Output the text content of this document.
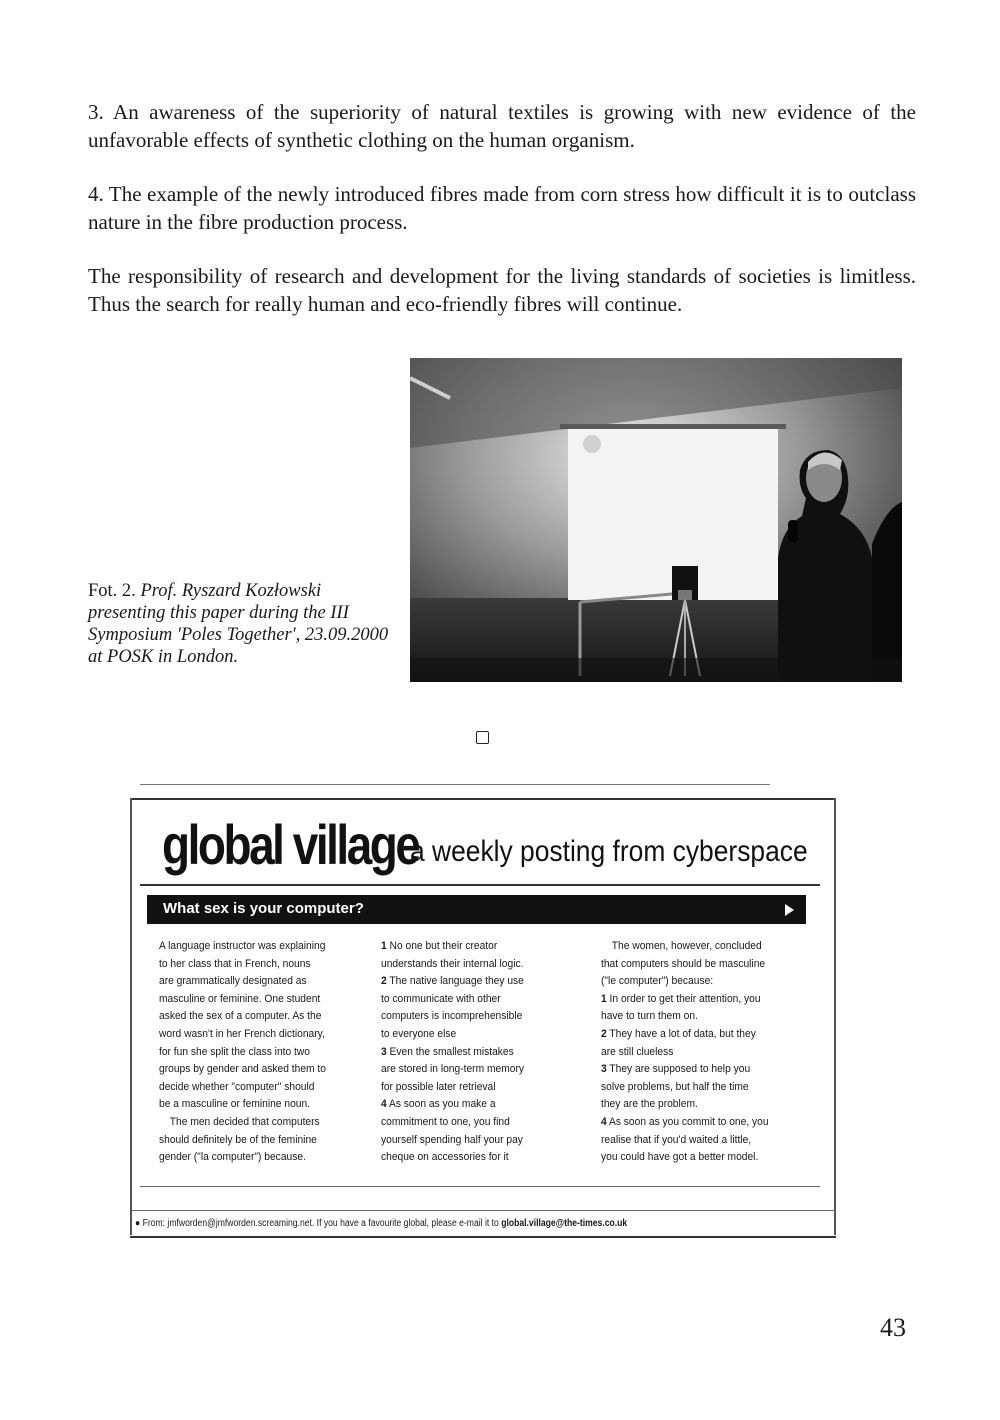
3. An awareness of the superiority of natural textiles is growing with new evidence of the unfavorable effects of synthetic clothing on the human organism.

4. The example of the newly introduced fibres made from corn stress how difficult it is to outclass nature in the fibre production process.

The responsibility of research and development for the living standards of societies is limitless. Thus the search for really human and eco-friendly fibres will continue.

Fot. 2. Prof. Ryszard Kozłowski presenting this paper during the III Symposium 'Poles Together', 23.09.2000 at POSK in London.

global village
a weekly posting from cyberspace
What sex is your computer?
A language instructor was explaining
to her class that in French, nouns
are grammatically designated as
masculine or feminine. One student
asked the sex of a computer. As the
word wasn't in her French dictionary,
for fun she split the class into two
groups by gender and asked them to
decide whether "computer" should
be a masculine or feminine noun.
The men decided that computers
should definitely be of the feminine
gender ("la computer") because.
1 No one but their creator
understands their internal logic.
2 The native language they use
to communicate with other
computers is incomprehensible
to everyone else
3 Even the smallest mistakes
are stored in long-term memory
for possible later retrieval
4 As soon as you make a
commitment to one, you find
yourself spending half your pay
cheque on accessories for it
The women, however, concluded
that computers should be masculine
("le computer") because:
1 In order to get their attention, you
have to turn them on.
2 They have a lot of data, but they
are still clueless
3 They are supposed to help you
solve problems, but half the time
they are the problem.
4 As soon as you commit to one, you
realise that if you'd waited a little,
you could have got a better model.
● From: jmfworden@jmfworden.screaming.net. If you have a favourite global, please e-mail it to global.village@the-times.co.uk
43
